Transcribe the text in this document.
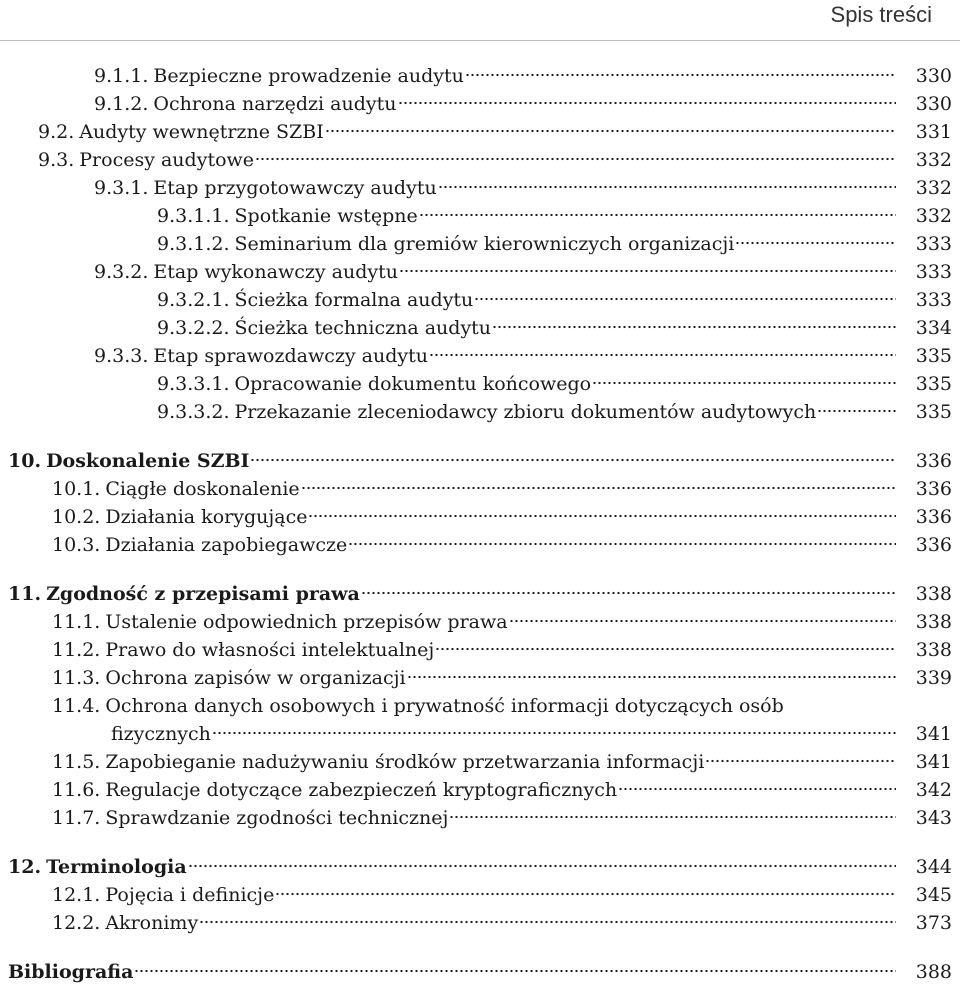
Spis treści
9.1.1. Bezpieczne prowadzenie audytu	330
9.1.2. Ochrona narzędzi audytu	330
9.2. Audyty wewnętrzne SZBI	331
9.3. Procesy audytowe	332
9.3.1. Etap przygotowawczy audytu	332
9.3.1.1. Spotkanie wstępne	332
9.3.1.2. Seminarium dla gremiów kierowniczych organizacji	333
9.3.2. Etap wykonawczy audytu	333
9.3.2.1. Ścieżka formalna audytu	333
9.3.2.2. Ścieżka techniczna audytu	334
9.3.3. Etap sprawozdawczy audytu	335
9.3.3.1. Opracowanie dokumentu końcowego	335
9.3.3.2. Przekazanie zleceniodawcy zbioru dokumentów audytowych	335
10. Doskonalenie SZBI	336
10.1. Ciągłe doskonalenie	336
10.2. Działania korygujące	336
10.3. Działania zapobiegawcze	336
11. Zgodność z przepisami prawa	338
11.1. Ustalenie odpowiednich przepisów prawa	338
11.2. Prawo do własności intelektualnej	338
11.3. Ochrona zapisów w organizacji	339
11.4. Ochrona danych osobowych i prywatność informacji dotyczących osób
fizycznych	341
11.5. Zapobieganie nadużywaniu środków przetwarzania informacji	341
11.6. Regulacje dotyczące zabezpieczeń kryptograficznych	342
11.7. Sprawdzanie zgodności technicznej	343
12. Terminologia	344
12.1. Pojęcia i definicje	345
12.2. Akronimy	373
Bibliografia	388
